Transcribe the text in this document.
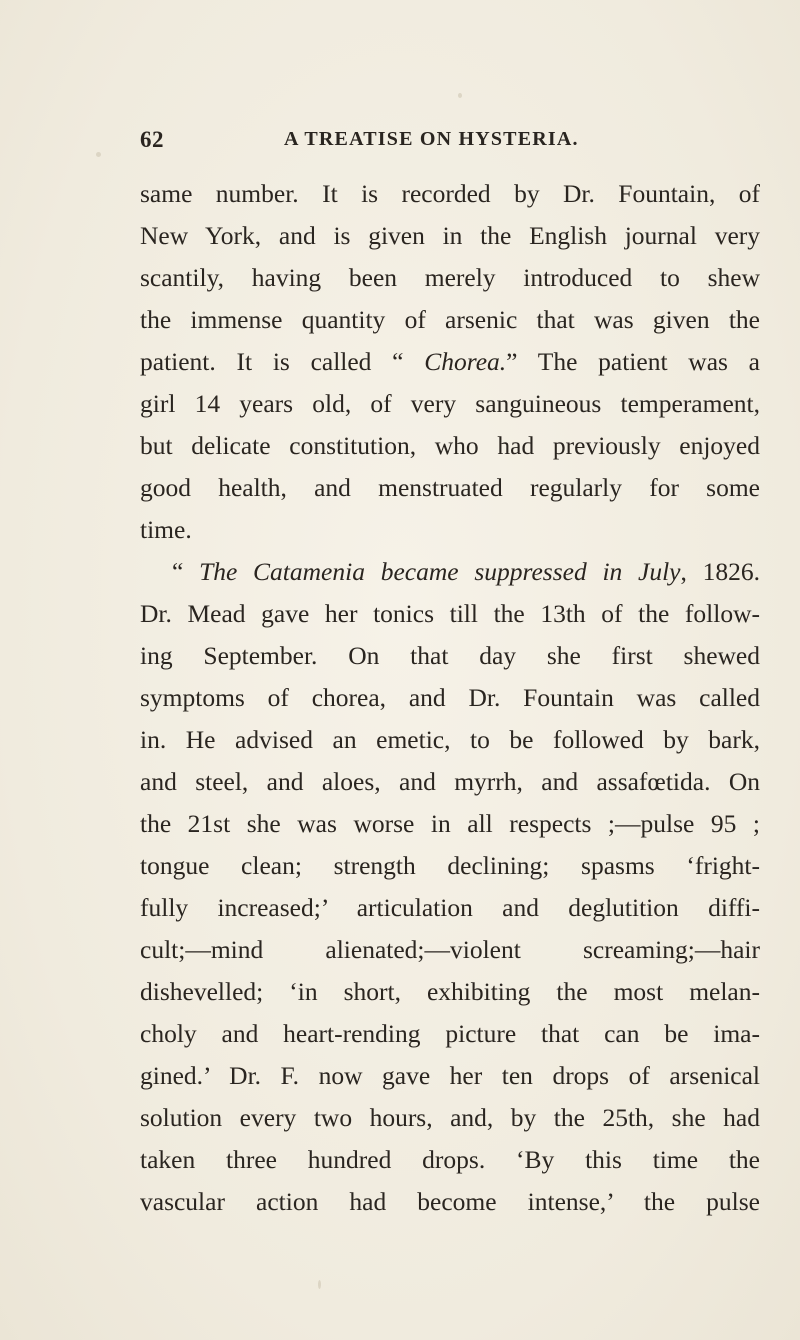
62	A TREATISE ON HYSTERIA.
same number. It is recorded by Dr. Fountain, of
New York, and is given in the English journal very
scantily, having been merely introduced to shew
the immense quantity of arsenic that was given the
patient. It is called “ Chorea.” The patient was a
girl 14 years old, of very sanguineous temperament,
but delicate constitution, who had previously enjoyed
good health, and menstruated regularly for some
time.
“ The Catamenia became suppressed in July, 1826.
Dr. Mead gave her tonics till the 13th of the follow-
ing September. On that day she first shewed
symptoms of chorea, and Dr. Fountain was called
in. He advised an emetic, to be followed by bark,
and steel, and aloes, and myrrh, and assafœtida. On
the 21st she was worse in all respects ;—pulse 95 ;
tongue clean; strength declining; spasms ‘fright-
fully increased;’ articulation and deglutition diffi-
cult;—mind alienated;—violent screaming;—hair
dishevelled; ‘in short, exhibiting the most melan-
choly and heart-rending picture that can be ima-
gined.’ Dr. F. now gave her ten drops of arsenical
solution every two hours, and, by the 25th, she had
taken three hundred drops. ‘By this time the
vascular action had become intense,’ the pulse
